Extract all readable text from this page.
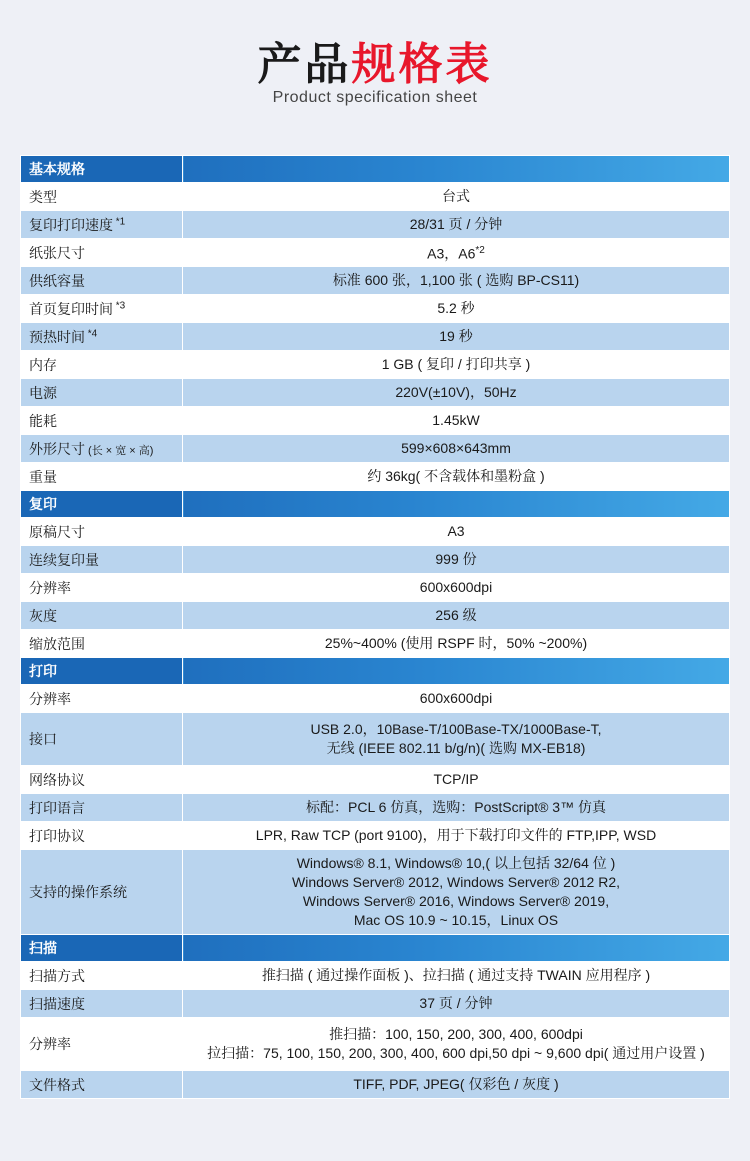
产品规格表
Product specification sheet
基本规格	
类型	台式
复印打印速度 $^{*1}$	28/31 页 / 分钟
纸张尺寸	A3，A6$^{*2}$
供纸容量	标准 600 张，1,100 张 ( 选购 BP-CS11)
首页复印时间 $^{*3}$	5.2 秒
预热时间 $^{*4}$	19 秒
内存	1 GB ( 复印 / 打印共享 )
电源	220V(±10V)，50Hz
能耗	1.45kW
外形尺寸 (长 × 宽 × 高)	599×608×643mm
重量	约 36kg( 不含载体和墨粉盒 )
复印	
原稿尺寸	A3
连续复印量	999 份
分辨率	600x600dpi
灰度	256 级
缩放范围	25%~400% (使用 RSPF 时，50% ~200%)
打印	
分辨率	600x600dpi
接口	USB 2.0，10Base-T/100Base-TX/1000Base-T,
无线 (IEEE 802.11 b/g/n)( 选购 MX-EB18)

网络协议	TCP/IP
打印语言	标配：PCL 6 仿真，选购：PostScript® 3™ 仿真
打印协议	LPR, Raw TCP (port 9100)，用于下载打印文件的 FTP,IPP, WSD
支持的操作系统	Windows® 8.1, Windows® 10,( 以上包括 32/64 位 )
Windows Server® 2012, Windows Server® 2012 R2,
Windows Server® 2016, Windows Server® 2019,
Mac OS 10.9 ~ 10.15，Linux OS

扫描	
扫描方式	推扫描 ( 通过操作面板 )、拉扫描 ( 通过支持 TWAIN 应用程序 )
扫描速度	37 页 / 分钟
分辨率	推扫描：100, 150, 200, 300, 400, 600dpi
拉扫描：75, 100, 150, 200, 300, 400, 600 dpi,50 dpi ~ 9,600 dpi( 通过用户设置 )

文件格式	TIFF, PDF, JPEG( 仅彩色 / 灰度 )
